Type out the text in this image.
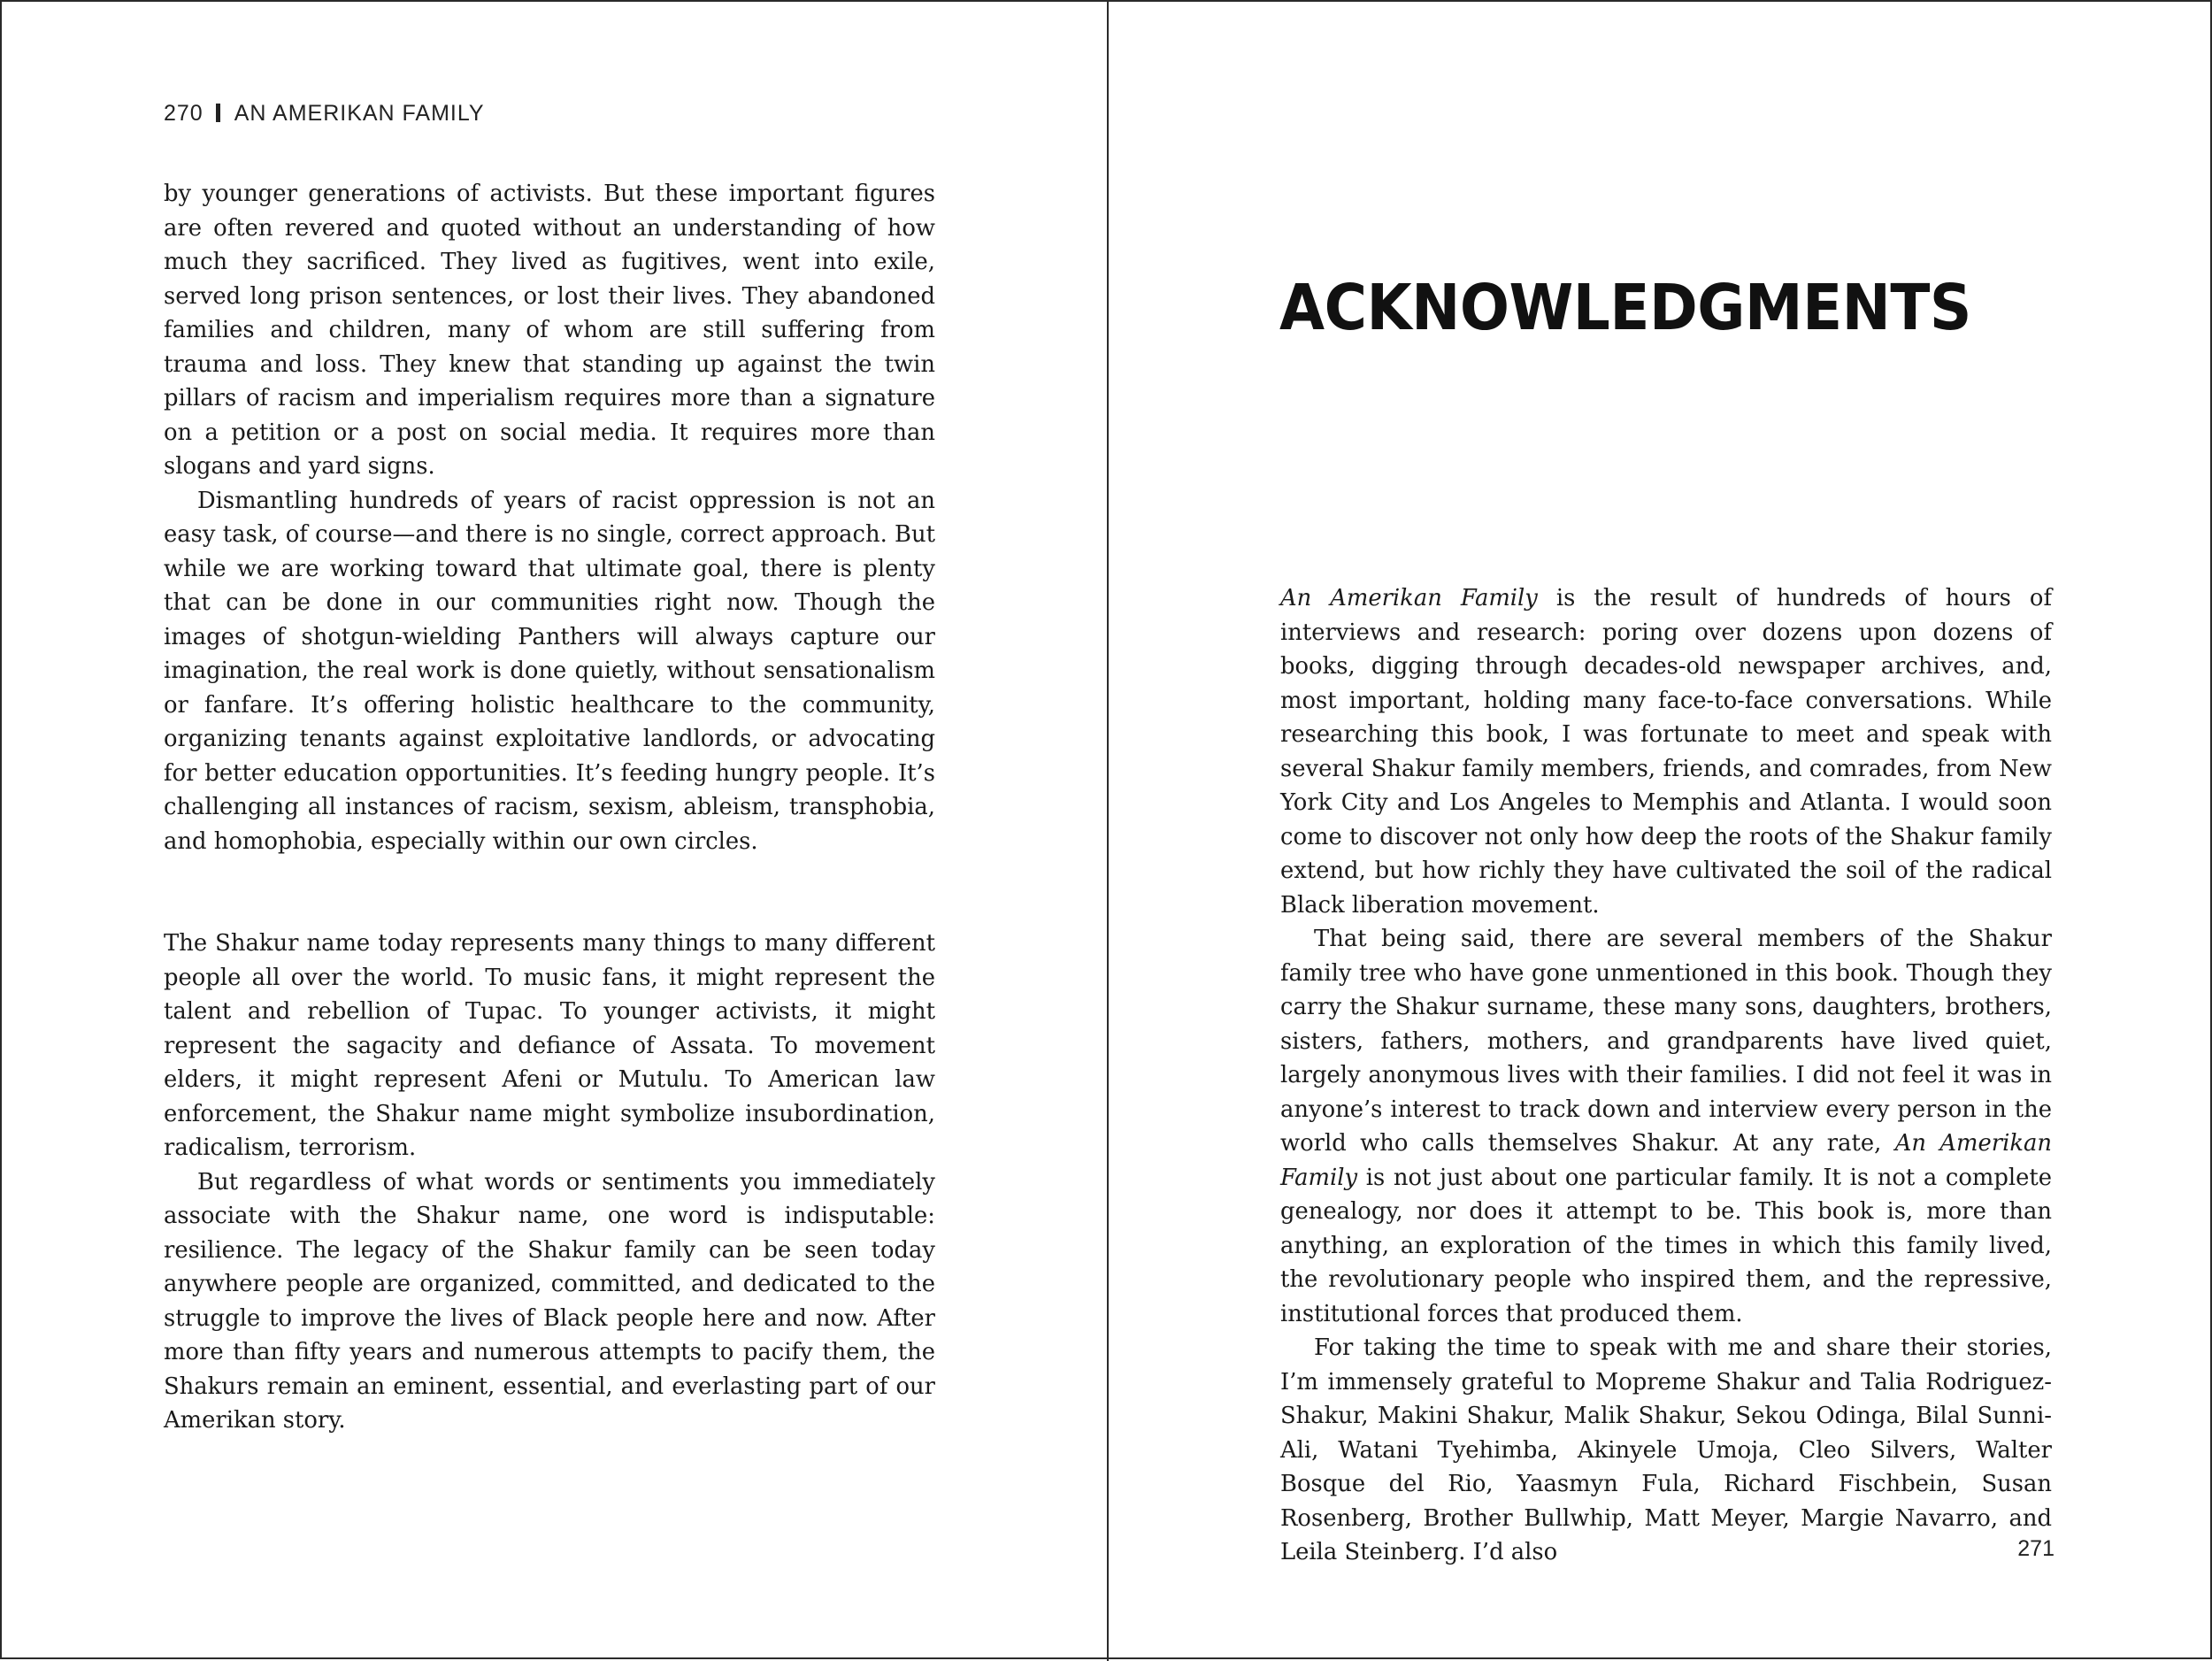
270 AN AMERIKAN FAMILY

by younger generations of activists. But these important figures are often revered and quoted without an understanding of how much they sacrificed. They lived as fugitives, went into exile, served long prison sentences, or lost their lives. They abandoned families and children, many of whom are still suffering from trauma and loss. They knew that standing up against the twin pillars of racism and imperialism requires more than a signature on a petition or a post on social media. It requires more than slogans and yard signs.

Dismantling hundreds of years of racist oppression is not an easy task, of course—and there is no single, correct approach. But while we are working toward that ultimate goal, there is plenty that can be done in our communities right now. Though the images of shotgun-wielding Panthers will always capture our imagination, the real work is done quietly, without sensationalism or fanfare. It’s offering holistic healthcare to the community, organizing tenants against exploitative landlords, or advocating for better education opportunities. It’s feeding hungry people. It’s challenging all instances of racism, sexism, ableism, transphobia, and homophobia, especially within our own circles.

The Shakur name today represents many things to many different people all over the world. To music fans, it might represent the talent and rebellion of Tupac. To younger activists, it might represent the sagacity and defiance of Assata. To movement elders, it might represent Afeni or Mutulu. To American law enforcement, the Shakur name might symbolize insubordination, radicalism, terrorism.

But regardless of what words or sentiments you immediately associate with the Shakur name, one word is indisputable: resilience. The legacy of the Shakur family can be seen today anywhere people are organized, committed, and dedicated to the struggle to improve the lives of Black people here and now. After more than fifty years and numerous attempts to pacify them, the Shakurs remain an eminent, essential, and everlasting part of our Amerikan story.

ACKNOWLEDGMENTS

An Amerikan Family is the result of hundreds of hours of interviews and research: poring over dozens upon dozens of books, digging through decades-old newspaper archives, and, most important, holding many face-to-face conversations. While researching this book, I was fortunate to meet and speak with several Shakur family members, friends, and comrades, from New York City and Los Angeles to Memphis and Atlanta. I would soon come to discover not only how deep the roots of the Shakur family extend, but how richly they have cultivated the soil of the radical Black liberation movement.

That being said, there are several members of the Shakur family tree who have gone unmentioned in this book. Though they carry the Shakur surname, these many sons, daughters, brothers, sisters, fathers, mothers, and grandparents have lived quiet, largely anonymous lives with their families. I did not feel it was in anyone’s interest to track down and interview every person in the world who calls themselves Shakur. At any rate, An Amerikan Family is not just about one particular family. It is not a complete genealogy, nor does it attempt to be. This book is, more than anything, an exploration of the times in which this family lived, the revolutionary people who inspired them, and the repressive, institutional forces that produced them.

For taking the time to speak with me and share their stories, I’m immensely grateful to Mopreme Shakur and Talia Rodriguez-Shakur, Makini Shakur, Malik Shakur, Sekou Odinga, Bilal Sunni-Ali, Watani Tyehimba, Akinyele Umoja, Cleo Silvers, Walter Bosque del Rio, Yaasmyn Fula, Richard Fischbein, Susan Rosenberg, Brother Bullwhip, Matt Meyer, Margie Navarro, and Leila Steinberg. I’d also	271
